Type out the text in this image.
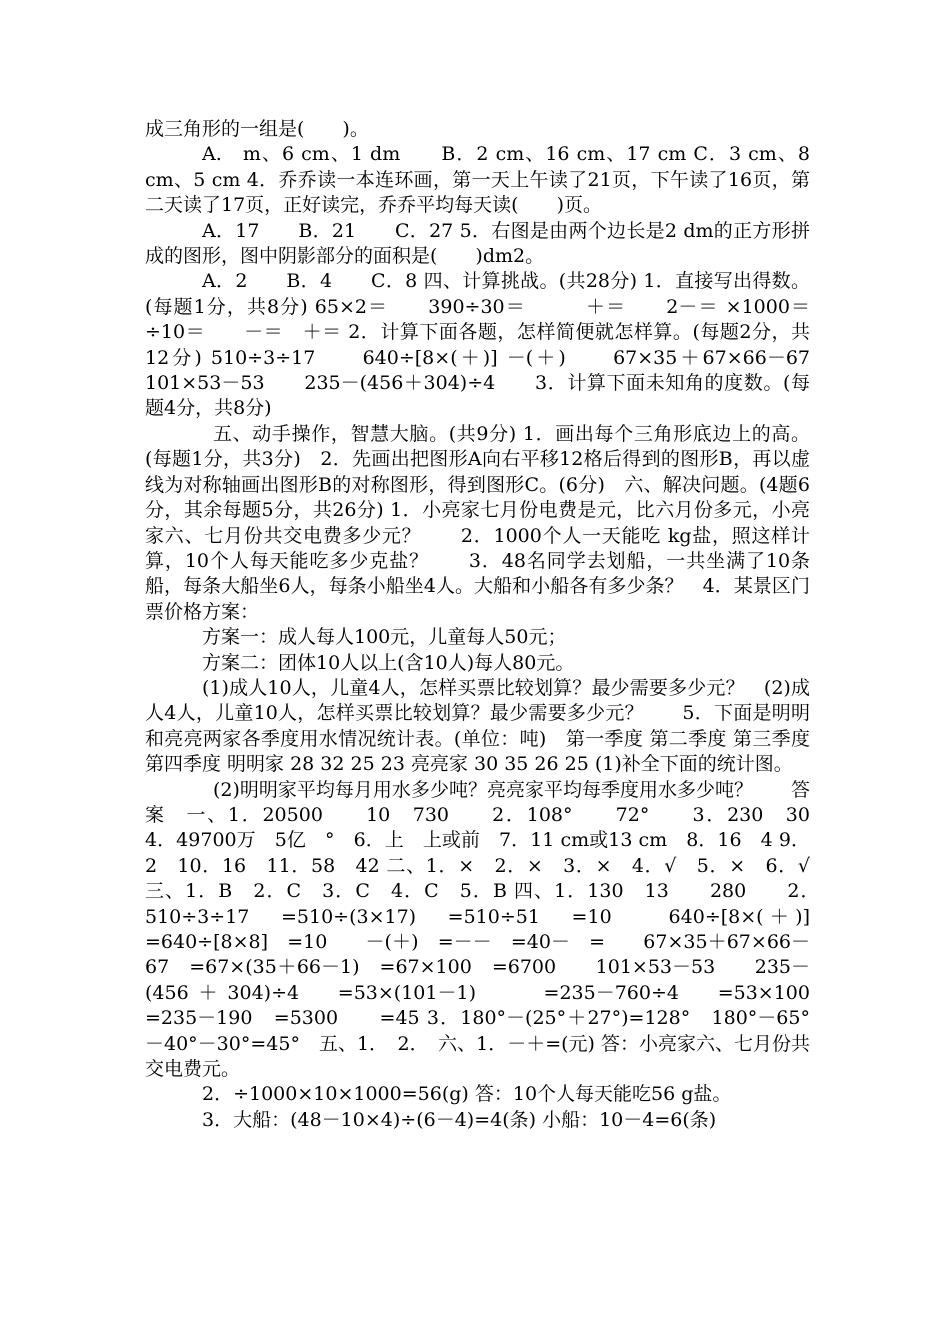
成三角形的一组是(　　)。

A.　m、6 cm、1 dm　　B．2 cm、16 cm、17 cm C．3 cm、8 cm、5 cm 4．乔乔读一本连环画，第一天上午读了21页，下午读了16页，第二天读了17页，正好读完，乔乔平均每天读(　　)页。

A．17　　B．21　　C．27 5．右图是由两个边长是2 dm的正方形拼成的图形，图中阴影部分的面积是(　　)dm2。

A．2　　B．4　　C．8 四、计算挑战。(共28分) 1．直接写出得数。(每题1分，共8分) 65×2＝　　390÷30＝　　　＋＝　　2－＝ ×1000＝　　÷10＝　　－＝　＋＝ 2．计算下面各题，怎样简便就怎样算。(每题2分，共12分) 510÷3÷17　　640÷[8×(＋)] －(＋)　　67×35＋67×66－67　　101×53－53　　235－(456＋304)÷4　　3．计算下面未知角的度数。(每题4分，共8分)

五、动手操作，智慧大脑。(共9分) 1．画出每个三角形底边上的高。(每题1分，共3分)　2．先画出把图形A向右平移12格后得到的图形B，再以虚线为对称轴画出图形B的对称图形，得到图形C。(6分)　六、解决问题。(4题6分，其余每题5分，共26分) 1．小亮家七月份电费是元，比六月份多元，小亮家六、七月份共交电费多少元？　　2．1000个人一天能吃 kg盐，照这样计算，10个人每天能吃多少克盐？　　3．48名同学去划船，一共坐满了10条船，每条大船坐6人，每条小船坐4人。大船和小船各有多少条？　4．某景区门票价格方案：

方案一：成人每人100元，儿童每人50元；

方案二：团体10人以上(含10人)每人80元。

(1)成人10人，儿童4人，怎样买票比较划算？最少需要多少元？　(2)成人4人，儿童10人，怎样买票比较划算？最少需要多少元？　　5．下面是明明和亮亮两家各季度用水情况统计表。(单位：吨)　第一季度 第二季度 第三季度 第四季度 明明家 28 32 25 23 亮亮家 30 35 26 25 (1)补全下面的统计图。

(2)明明家平均每月用水多少吨？亮亮家平均每季度用水多少吨？　　答案　一、1．20500　　10　730　　2．108°　　72°　　3．230　30　4．49700万　5亿　°　6．上　上或前　7．11 cm或13 cm　8．16　4 9．2　10．16　11．58　42 二、1．×　2．×　3．×　4．√　5．×　6．√　三、1．B　2．C　3．C　4．C　5．B 四、1．130　13　　280　　2．　510÷3÷17　=510÷(3×17)　=510÷51　=10　　640÷[8×(＋)]　=640÷[8×8]　=10　　－(＋)　=－－　=40－　=　　67×35＋67×66－67　=67×(35＋66－1)　=67×100　=6700　　101×53－53　　235－(456＋304)÷4　=53×(101－1)　　=235－760÷4　=53×100　　=235－190　=5300　　=45 3．180°－(25°＋27°)=128°　180°－65°－40°－30°=45°　五、1．　2．　六、1．－＋=(元) 答：小亮家六、七月份共交电费元。

2．÷1000×10×1000=56(g) 答：10个人每天能吃56 g盐。

3．大船：(48－10×4)÷(6－4)=4(条) 小船：10－4=6(条)
